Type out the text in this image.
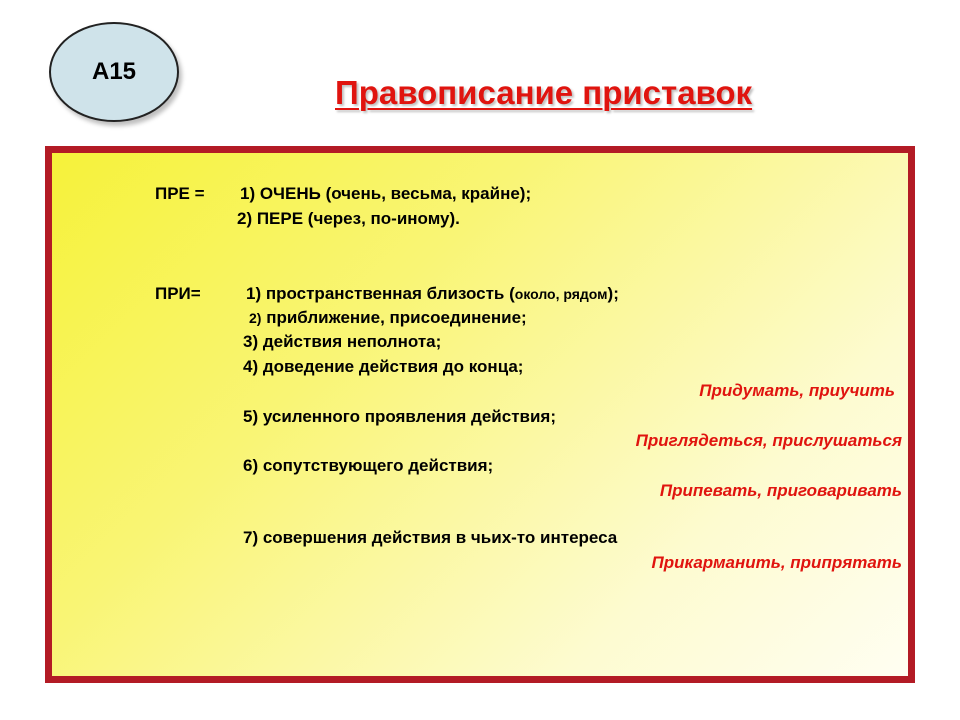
А15
Правописание приставок
ПРЕ = 1) ОЧЕНЬ (очень, весьма, крайне);
2) ПЕРЕ (через, по-иному).
ПРИ=	1) пространственная близость (около, рядом);
2) приближение, присоединение;
3) действия неполнота;
4) доведение действия до конца;
Придумать, приучить
5) усиленного проявления действия;
Приглядеться, прислушаться
6) сопутствующего действия;
Припевать, приговаривать
7) совершения действия в чьих-то интереса
Прикарманить, припрятать
